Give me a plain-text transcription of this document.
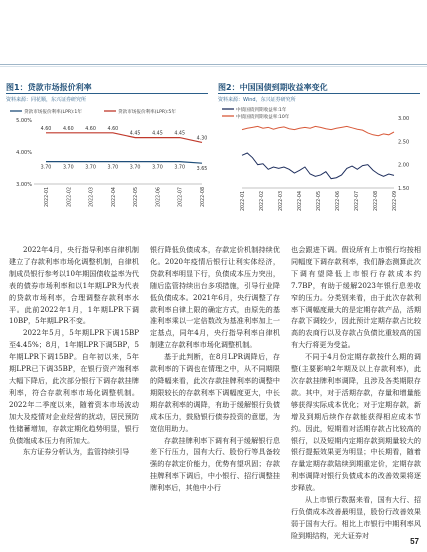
图1：贷款市场报价利率
资料来源：同花顺，东兴证券研究所
贷款市场报价利率(LPR):1年	贷款市场报价利率(LPR):5年
5.00%
4.00%
3.00%
3.70 3.70 3.70 3.70 3.70 3.70 3.70 3.65
4.60 4.60 4.60 4.60
4.45 4.45 4.45
4.30
2022-01	2022-02	2022-03	2022-04	2022-05	2022-06	2022-07	2022-08
图2：中国国债到期收益率变化
资料来源：Wind，东兴证券研究所
中债国债到期收益率:1年
中债国债到期收益率:10年	3.00
2.50
2.00
1.50
2022-01	2022-02	2022-03	2022-04	2022-05	2022-06	2022-07	2022-08	2022-09

2022年4月，央行指导利率自律机制建立了存款利率市场化调整机制，自律机制成员银行参考以10年期国债收益率为代表的债券市场利率和以1年期LPR为代表的贷款市场利率，合理调整存款利率水平。此前2022年1月，1年期LPR下调10BP，5年期LPR不变。

2022年5月，5年期LPR下调15BP至4.45%；8月，1年期LPR下调5BP，5年期LPR下调15BP。自年初以来，5年期LPR已下调35BP，在银行资产端利率大幅下降后，此次部分银行下调存款挂牌利率，符合存款利率市场化调整机制。2022年二季度以来，随着资本市场波动加大及疫情对企业经营的扰动，居民预防性储蓄增加，存款定期化趋势明显，银行负债端成本压力有所加大。

东方证券分析认为，监管持续引导

银行降低负债成本，存款定价机制持续优化。2020年疫情后银行让利实体经济，贷款利率明显下行，负债成本压力突出，随后监管持续出台多项措施，引导行业降低负债成本。2021年6月，央行调整了存款利率自律上限的确定方式，由原先的基准利率乘以一定倍数改为基准利率加上一定基点，同年4月，央行指导利率自律机制建立存款利率市场化调整机制。

基于此判断，在8月LPR调降后，存款利率的下调也在情理之中，从不同期限的降幅来看，此次存款挂牌利率的调整中期限较长的存款利率下调幅度更大，中长期存款利率的调降，有助于缓解银行负债成本压力，鼓励银行债券投资的意愿，为宽信用助力。

存款挂牌利率下调有利于缓解银行息差下行压力，国有大行、股份行等具备较强的存款定价能力，优势有望巩固；存款挂牌利率下调后，中小银行、招行调整挂牌利率后，其他中小行

也会跟进下调。假设所有上市银行均按相同幅度下调存款利率，我们静态测算此次下调有望降低上市银行存款成本约7.7BP，有助于缓解2023年银行息差收窄的压力。分类别来看，由于此次存款利率下调幅度最大的是定期存款产品，活期存款下调较少，因此预计定期存款占比较高的农商行以及存款占负债比重较高的国有大行将更为受益。

不同于4月份定期存款按什么期的调整(主要影响2年期及以上存款利率)，此次存款挂牌利率调降，且涉及各类期限存款。其中，对于活期存款，存量和增量能够获得实际成本优化；对于定期存款，新增及到期后续作存款能获得相应成本节约。因此，短期看对活期存款占比较高的银行，以及短期内定期存款到期量较大的银行提振效果更为明显；中长期看，随着存量定期存款陆续到期重定价，定期存款利率调降对银行负债成本的改善效果将逐步释放。

从上市银行数据来看，国有大行、招行负债成本改善最明显，股份行改善效果弱于国有大行。相比上市银行中期利率风险到期结构，光大证券对

57
